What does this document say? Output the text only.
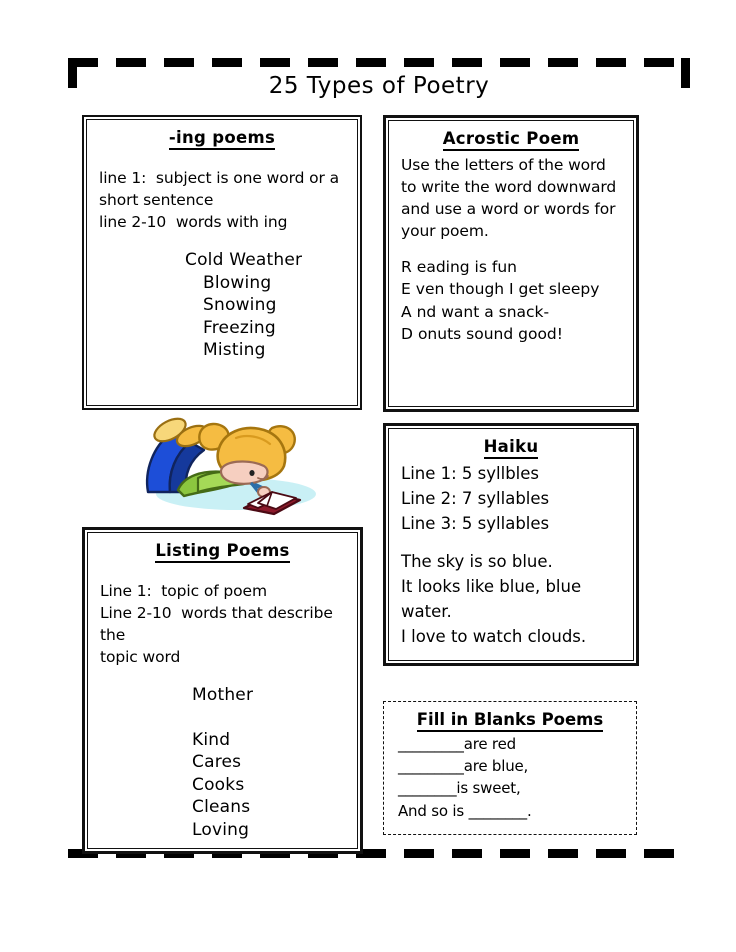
25 Types of Poetry
-ing poems
line 1:  subject is one word or a
short sentence
line 2-10  words with ing
Cold Weather
Blowing
Snowing
Freezing
Misting
Acrostic Poem
Use the letters of the word
to write the word downward
and use a word or words for
your poem.
R eading is fun
E ven though I get sleepy
A nd want a snack-
D onuts sound good!
Haiku
Line 1: 5 syllbles
Line 2: 7 syllables
Line 3: 5 syllables
The sky is so blue.
It looks like blue, blue
water.
I love to watch clouds.
Listing Poems
Line 1:  topic of poem
Line 2-10  words that describe the
topic word
Mother
Kind
Cares
Cooks
Cleans
Loving
Fill in Blanks Poems
_________are red
_________are blue,
________is sweet,
And so is ________.
